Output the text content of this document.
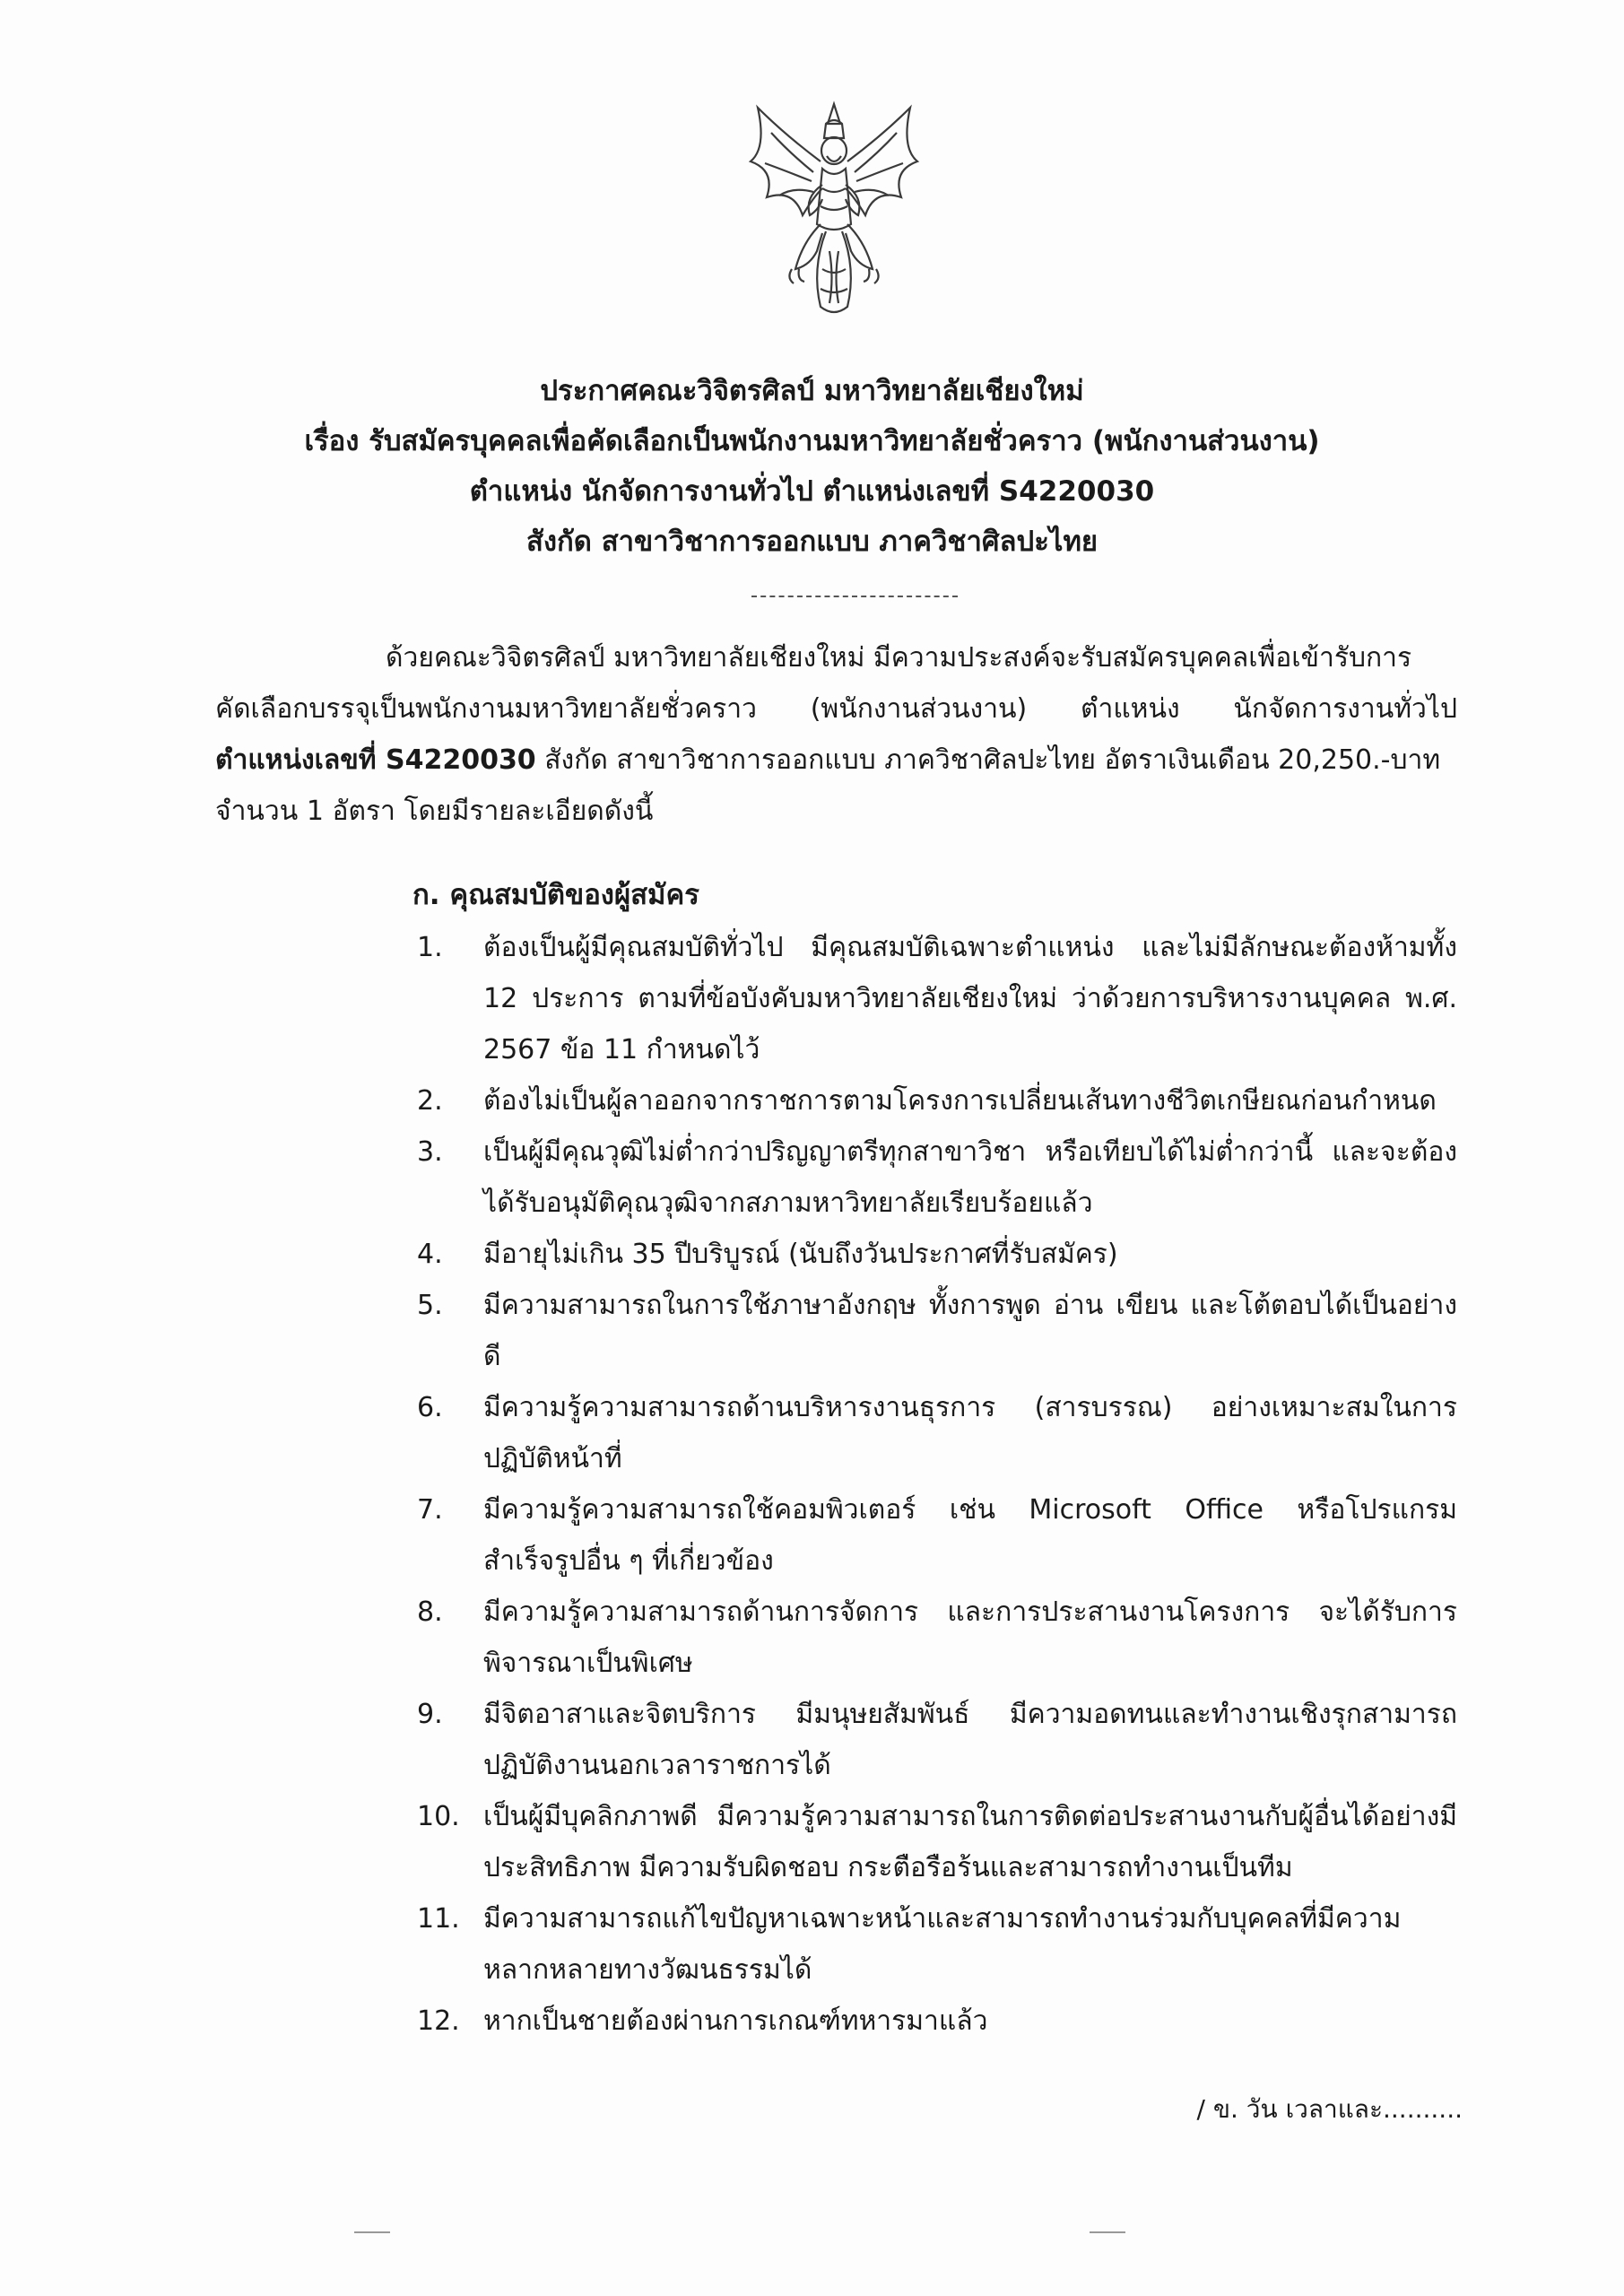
ประกาศคณะวิจิตรศิลป์ มหาวิทยาลัยเชียงใหม่
เรื่อง รับสมัครบุคคลเพื่อคัดเลือกเป็นพนักงานมหาวิทยาลัยชั่วคราว (พนักงานส่วนงาน)
ตำแหน่ง นักจัดการงานทั่วไป ตำแหน่งเลขที่ S4220030
สังกัด สาขาวิชาการออกแบบ ภาควิชาศิลปะไทย
ด้วยคณะวิจิตรศิลป์ มหาวิทยาลัยเชียงใหม่ มีความประสงค์จะรับสมัครบุคคลเพื่อเข้ารับการ
คัดเลือกบรรจุเป็นพนักงานมหาวิทยาลัยชั่วคราว (พนักงานส่วนงาน) ตำแหน่ง นักจัดการงานทั่วไป
ตำแหน่งเลขที่ S4220030 สังกัด สาขาวิชาการออกแบบ ภาควิชาศิลปะไทย อัตราเงินเดือน 20,250.-บาท
จำนวน 1 อัตรา โดยมีรายละเอียดดังนี้
ก. คุณสมบัติของผู้สมัคร
1.	ต้องเป็นผู้มีคุณสมบัติทั่วไป มีคุณสมบัติเฉพาะตำแหน่ง และไม่มีลักษณะต้องห้ามทั้ง 12 ประการ ตามที่ข้อบังคับมหาวิทยาลัยเชียงใหม่ ว่าด้วยการบริหารงานบุคคล พ.ศ. 2567 ข้อ 11 กำหนดไว้
2.	ต้องไม่เป็นผู้ลาออกจากราชการตามโครงการเปลี่ยนเส้นทางชีวิตเกษียณก่อนกำหนด
3.	เป็นผู้มีคุณวุฒิไม่ต่ำกว่าปริญญาตรีทุกสาขาวิชา หรือเทียบได้ไม่ต่ำกว่านี้ และจะต้องได้รับอนุมัติคุณวุฒิจากสภามหาวิทยาลัยเรียบร้อยแล้ว
4.	มีอายุไม่เกิน 35 ปีบริบูรณ์ (นับถึงวันประกาศที่รับสมัคร)
5.	มีความสามารถในการใช้ภาษาอังกฤษ ทั้งการพูด อ่าน เขียน และโต้ตอบได้เป็นอย่างดี
6.	มีความรู้ความสามารถด้านบริหารงานธุรการ (สารบรรณ) อย่างเหมาะสมในการปฏิบัติหน้าที่
7.	มีความรู้ความสามารถใช้คอมพิวเตอร์ เช่น Microsoft Office หรือโปรแกรมสำเร็จรูปอื่น ๆ ที่เกี่ยวข้อง
8.	มีความรู้ความสามารถด้านการจัดการ และการประสานงานโครงการ จะได้รับการพิจารณาเป็นพิเศษ
9.	มีจิตอาสาและจิตบริการ มีมนุษยสัมพันธ์ มีความอดทนและทำงานเชิงรุกสามารถปฏิบัติงานนอกเวลาราชการได้
10. เป็นผู้มีบุคลิกภาพดี มีความรู้ความสามารถในการติดต่อประสานงานกับผู้อื่นได้อย่างมีประสิทธิภาพ มีความรับผิดชอบ กระตือรือร้นและสามารถทำงานเป็นทีม
11. มีความสามารถแก้ไขปัญหาเฉพาะหน้าและสามารถทำงานร่วมกับบุคคลที่มีความหลากหลายทางวัฒนธรรมได้
12. หากเป็นชายต้องผ่านการเกณฑ์ทหารมาแล้ว
/ ข. วัน เวลาและ..........
